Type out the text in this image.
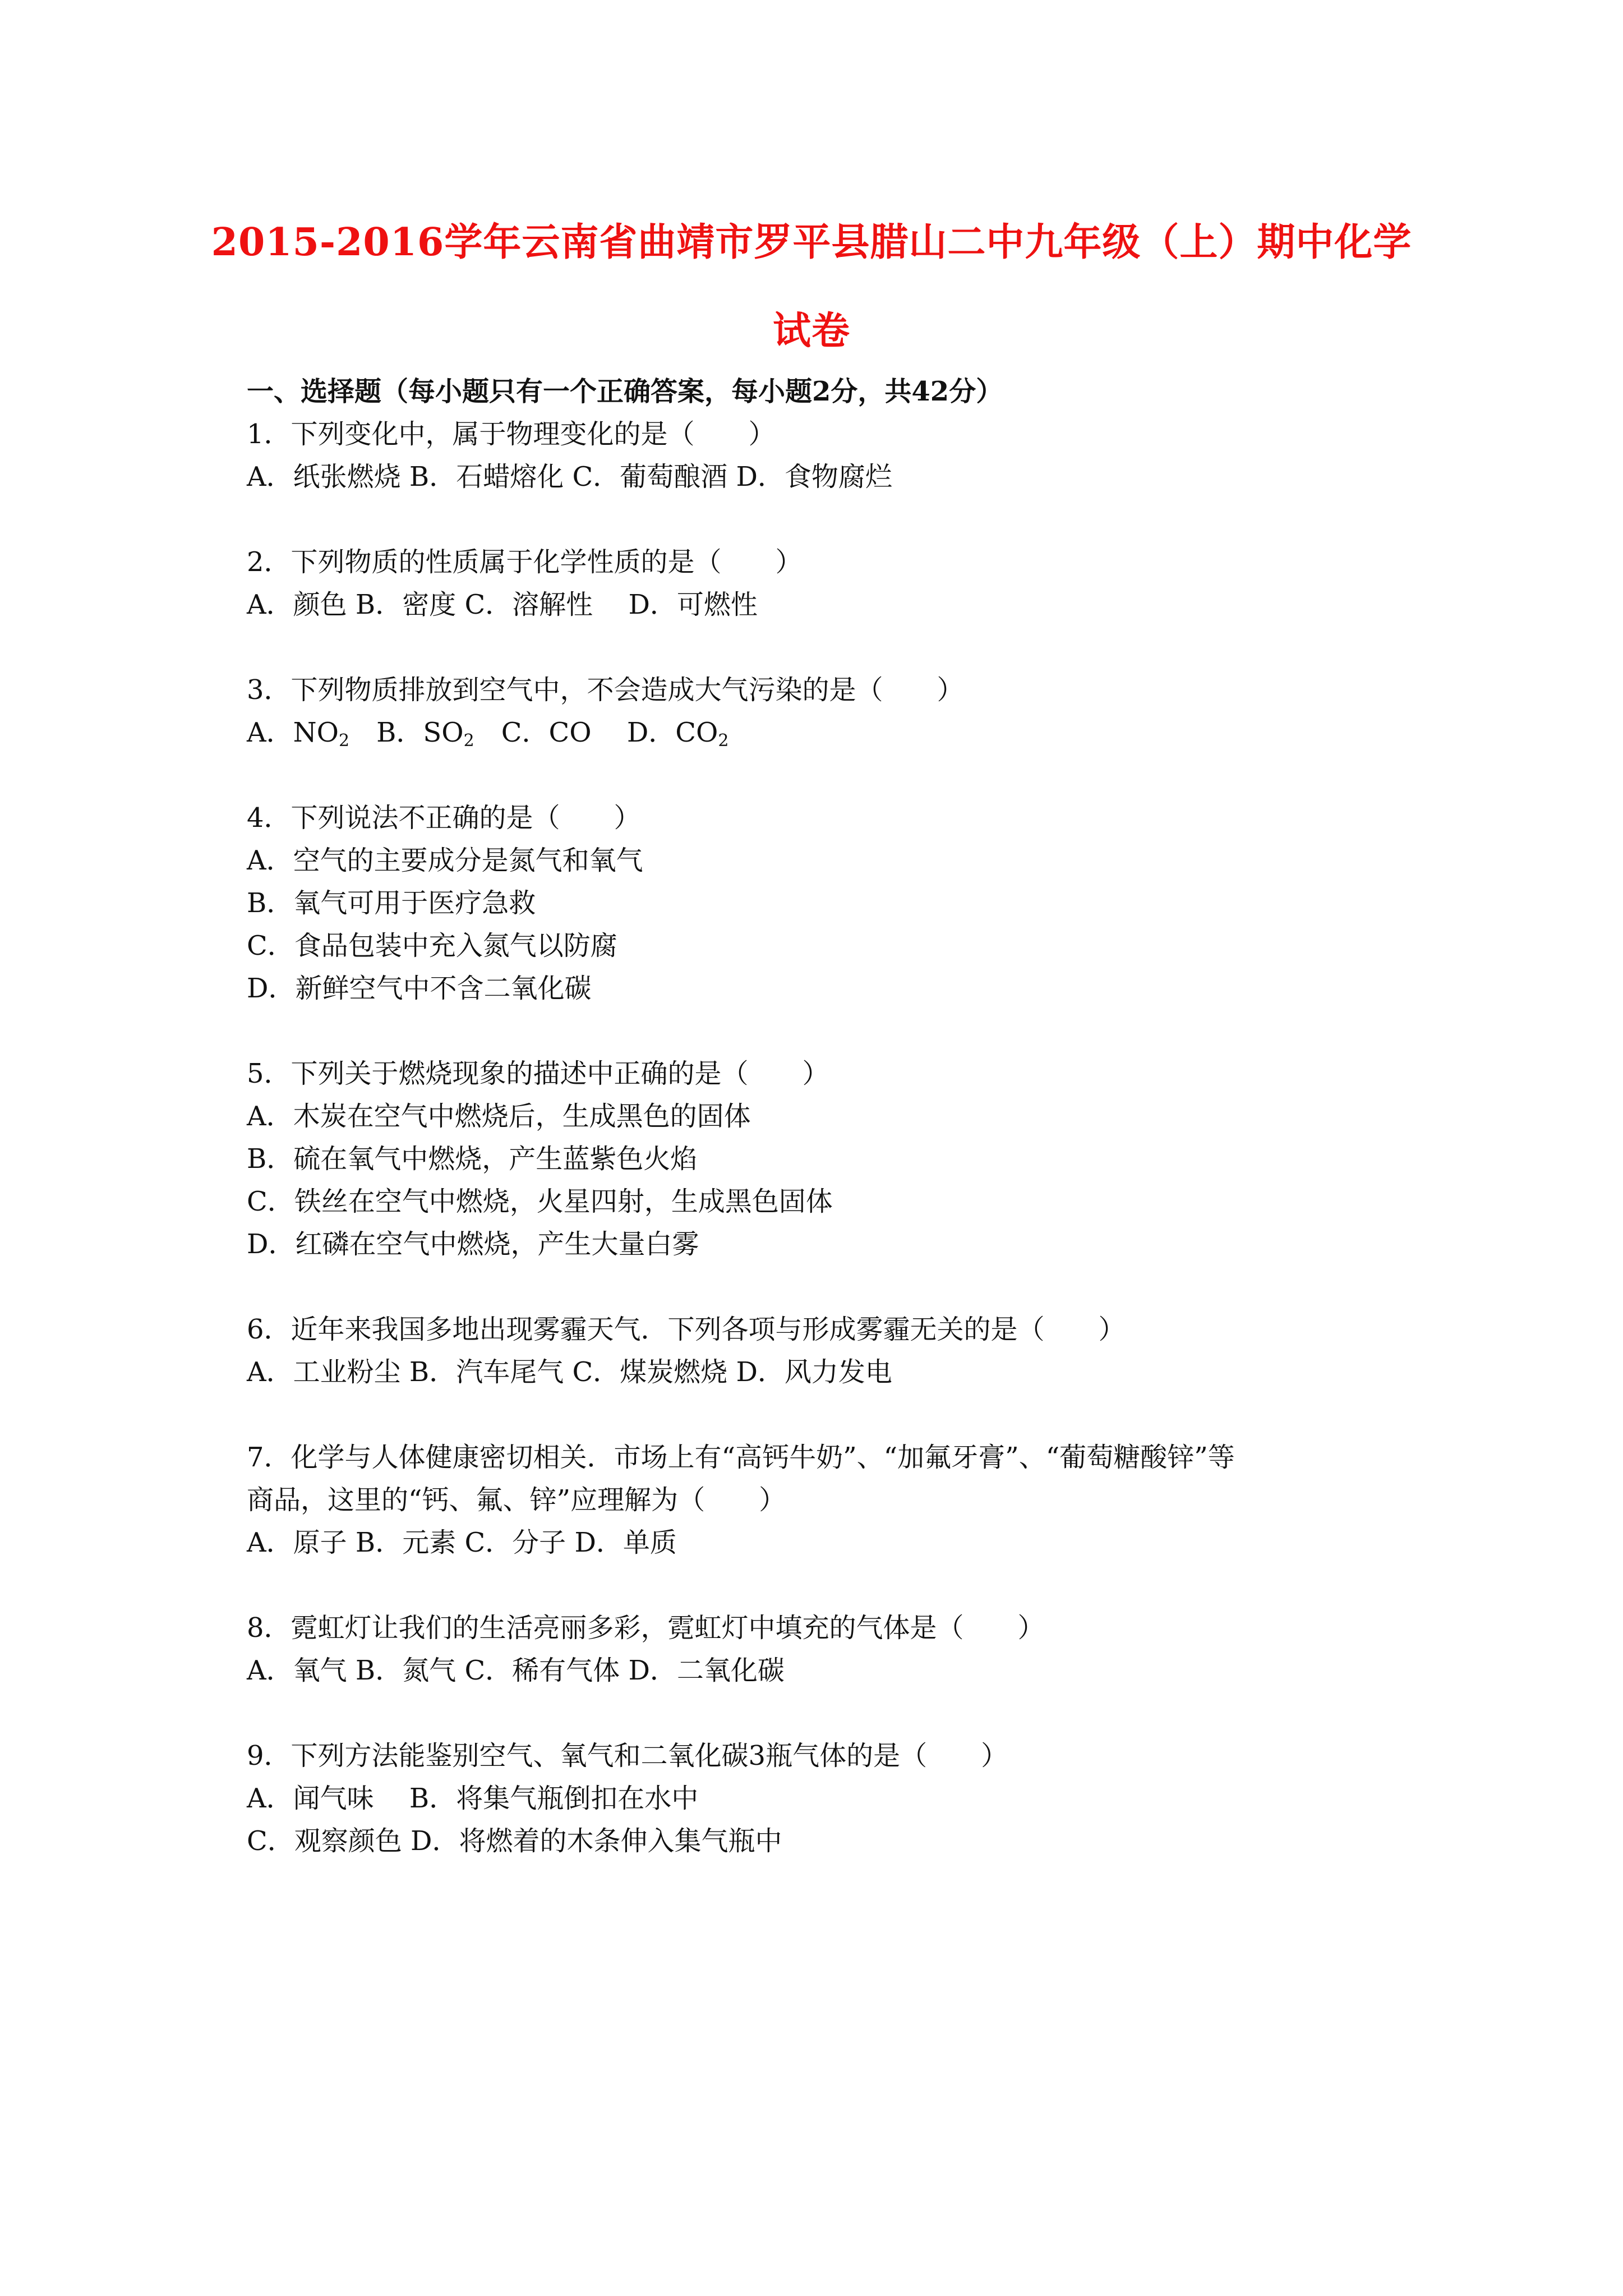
2015-2016学年云南省曲靖市罗平县腊山二中九年级（上）期中化学
试卷
一、选择题（每小题只有一个正确答案，每小题2分，共42分）
1．下列变化中，属于物理变化的是（　　）
A．纸张燃烧 B．石蜡熔化 C．葡萄酿酒 D．食物腐烂
2．下列物质的性质属于化学性质的是（　　）
A．颜色 B．密度 C．溶解性　 D．可燃性
3．下列物质排放到空气中，不会造成大气污染的是（　　）
A．$NO_2$　B．$SO_2$　C．CO　 D．$CO_2$
4．下列说法不正确的是（　　）
A．空气的主要成分是氮气和氧气
B．氧气可用于医疗急救
C．食品包装中充入氮气以防腐
D．新鲜空气中不含二氧化碳
5．下列关于燃烧现象的描述中正确的是（　　）
A．木炭在空气中燃烧后，生成黑色的固体
B．硫在氧气中燃烧，产生蓝紫色火焰
C．铁丝在空气中燃烧，火星四射，生成黑色固体
D．红磷在空气中燃烧，产生大量白雾
6．近年来我国多地出现雾霾天气．下列各项与形成雾霾无关的是（　　）
A．工业粉尘 B．汽车尾气 C．煤炭燃烧 D．风力发电
7．化学与人体健康密切相关．市场上有“高钙牛奶”、“加氟牙膏”、“葡萄糖酸锌”等
商品，这里的“钙、氟、锌”应理解为（　　）
A．原子 B．元素 C．分子 D．单质
8．霓虹灯让我们的生活亮丽多彩，霓虹灯中填充的气体是（　　）
A．氧气 B．氮气 C．稀有气体 D．二氧化碳
9．下列方法能鉴别空气、氧气和二氧化碳3瓶气体的是（　　）
A．闻气味　 B．将集气瓶倒扣在水中
C．观察颜色 D．将燃着的木条伸入集气瓶中
